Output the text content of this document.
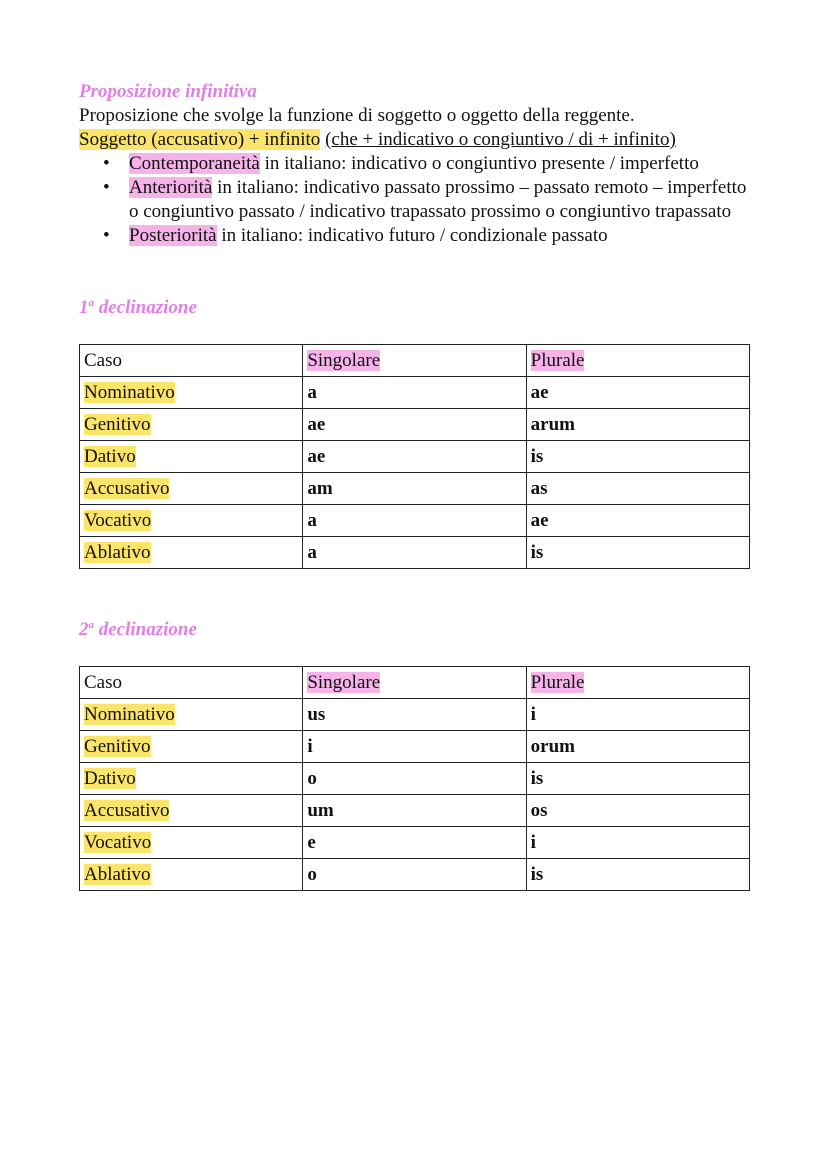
Proposizione infinitiva

Proposizione che svolge la funzione di soggetto o oggetto della reggente.

Soggetto (accusativo) + infinito (che + indicativo o congiuntivo / di + infinito)

• Contemporaneità in italiano: indicativo o congiuntivo presente / imperfetto
• Anteriorità in italiano: indicativo passato prossimo – passato remoto – imperfetto o congiuntivo passato / indicativo trapassato prossimo o congiuntivo trapassato
• Posteriorità in italiano: indicativo futuro / condizionale passato

1$^a$ declinazione

Caso	Singolare	Plurale
Nominativo	a	ae
Genitivo	ae	arum
Dativo	ae	is
Accusativo	am	as
Vocativo	a	ae
Ablativo	a	is

2$^a$ declinazione

Caso	Singolare	Plurale
Nominativo	us	i
Genitivo	i	orum
Dativo	o	is
Accusativo	um	os
Vocativo	e	i
Ablativo	o	is
